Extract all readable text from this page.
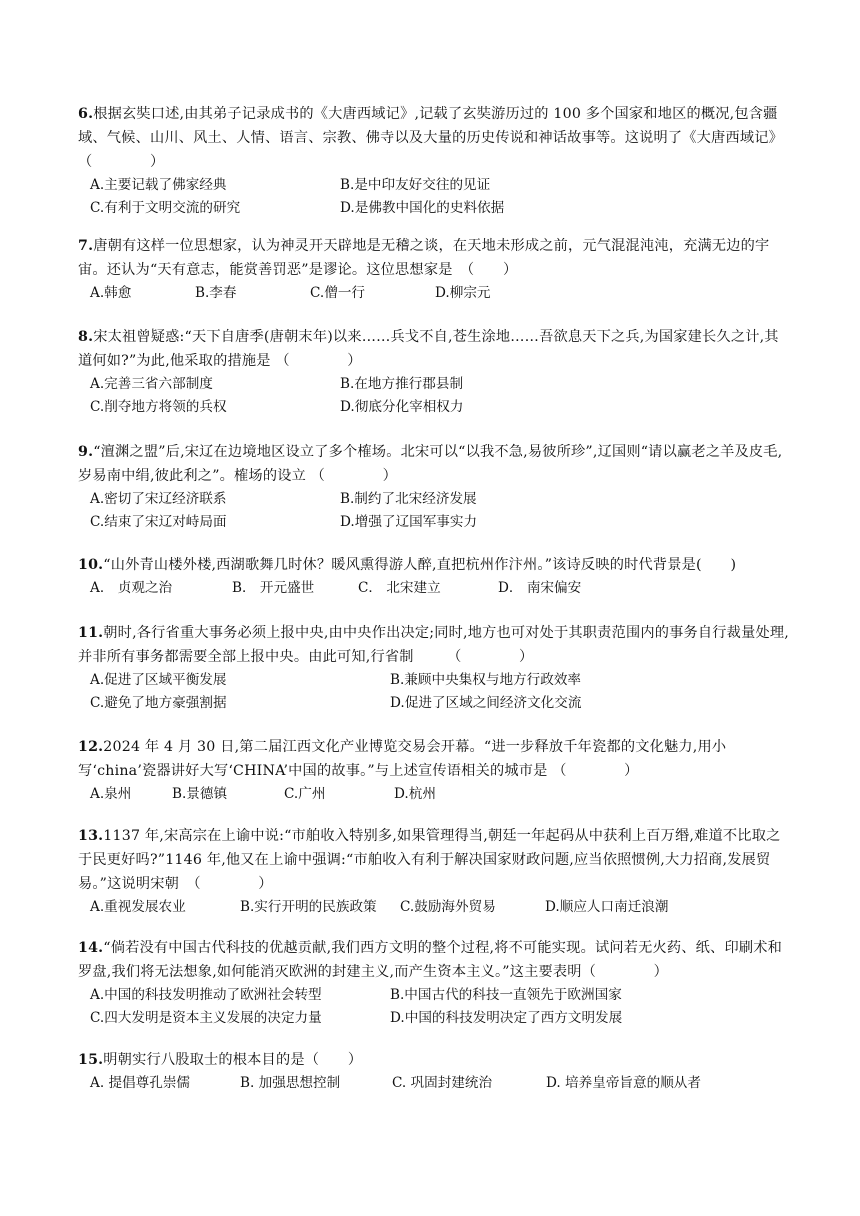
6.根据玄奘口述,由其弟子记录成书的《大唐西域记》,记载了玄奘游历过的 100 多个国家和地区的概况,包含疆域、气候、山川、风土、人情、语言、宗教、佛寺以及大量的历史传说和神话故事等。这说明了《大唐西域记》　（　　　　）

A.主要记载了佛家经典	B.是中印友好交往的见证
C.有利于文明交流的研究	D.是佛教中国化的史料依据

7.唐朝有这样一位思想家，认为神灵开天辟地是无稽之谈，在天地未形成之前，元气混混沌沌，充满无边的宇宙。还认为“天有意志，能赏善罚恶”是谬论。这位思想家是　（　　）

A.韩愈	B.李春	C.僧一行	D.柳宗元

8.宋太祖曾疑惑:“天下自唐季(唐朝末年)以来……兵戈不自,苍生涂地……吾欲息天下之兵,为国家建长久之计,其道何如?”为此,他采取的措施是 （　　　　）

A.完善三省六部制度	B.在地方推行郡县制
C.削夺地方将领的兵权	D.彻底分化宰相权力

9.“澶渊之盟”后,宋辽在边境地区设立了多个榷场。北宋可以“以我不急,易彼所珍”,辽国则“请以赢老之羊及皮毛,岁易南中绢,彼此利之”。榷场的设立 （　　　　）

A.密切了宋辽经济联系	B.制约了北宋经济发展
C.结束了宋辽对峙局面	D.增强了辽国军事实力

10.“山外青山楼外楼,西湖歌舞几时休？暖风熏得游人醉,直把杭州作汴州。”该诗反映的时代背景是(　　)

A． 贞观之治	B． 开元盛世	C． 北宋建立	D． 南宋偏安

11.朝时,各行省重大事务必须上报中央,由中央作出决定;同时,地方也可对处于其职责范围内的事务自行裁量处理,并非所有事务都需要全部上报中央。由此可知,行省制　　 （　　　　）

A.促进了区域平衡发展	B.兼顾中央集权与地方行政效率
C.避免了地方豪强割据	D.促进了区域之间经济文化交流

12.2024 年 4 月 30 日,第二届江西文化产业博览交易会开幕。“进一步释放千年瓷都的文化魅力,用小写‘china’瓷器讲好大写‘CHINA’中国的故事。”与上述宣传语相关的城市是 （　　　　）

A.泉州	B.景德镇	C.广州	D.杭州

13.1137 年,宋高宗在上谕中说:“市舶收入特别多,如果管理得当,朝廷一年起码从中获利上百万缗,难道不比取之于民更好吗?”1146 年,他又在上谕中强调:“市舶收入有利于解决国家财政问题,应当依照惯例,大力招商,发展贸易。”这说明宋朝　（　　　　）

A.重视发展农业	B.实行开明的民族政策	C.鼓励海外贸易	D.顺应人口南迁浪潮

14.“倘若没有中国古代科技的优越贡献,我们西方文明的整个过程,将不可能实现。试问若无火药、纸、印刷术和罗盘,我们将无法想象,如何能消灭欧洲的封建主义,而产生资本主义。”这主要表明（　　　　）

A.中国的科技发明推动了欧洲社会转型	B.中国古代的科技一直领先于欧洲国家
C.四大发明是资本主义发展的决定力量	D.中国的科技发明决定了西方文明发展

15.明朝实行八股取士的根本目的是（　　）

A. 提倡尊孔崇儒	B. 加强思想控制	C. 巩固封建统治	D. 培养皇帝旨意的顺从者
